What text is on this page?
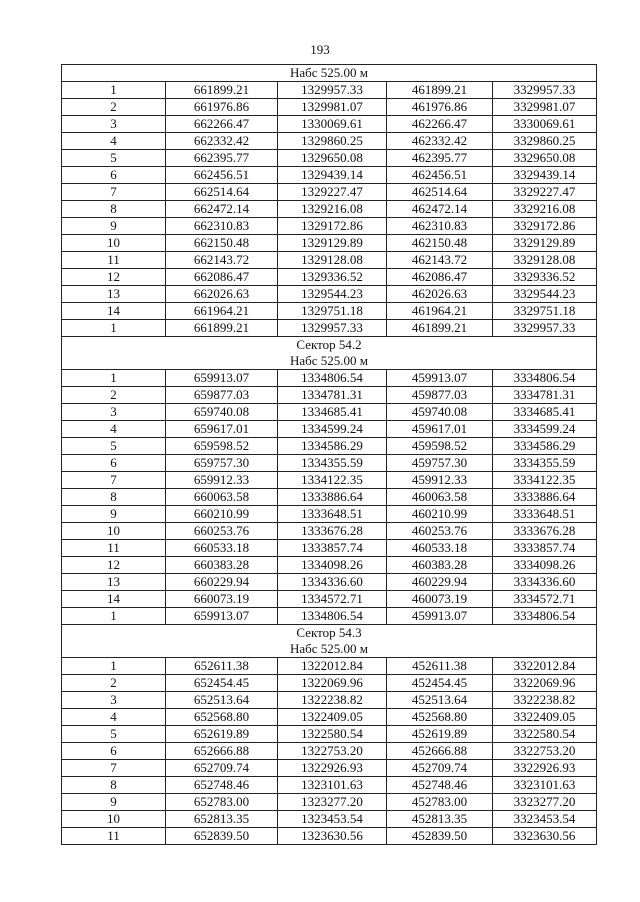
193
Набс 525.00 м				

1	661899.21	1329957.33	461899.21	3329957.33
2	661976.86	1329981.07	461976.86	3329981.07
3	662266.47	1330069.61	462266.47	3330069.61
4	662332.42	1329860.25	462332.42	3329860.25
5	662395.77	1329650.08	462395.77	3329650.08
6	662456.51	1329439.14	462456.51	3329439.14
7	662514.64	1329227.47	462514.64	3329227.47
8	662472.14	1329216.08	462472.14	3329216.08
9	662310.83	1329172.86	462310.83	3329172.86
10	662150.48	1329129.89	462150.48	3329129.89
11	662143.72	1329128.08	462143.72	3329128.08
12	662086.47	1329336.52	462086.47	3329336.52
13	662026.63	1329544.23	462026.63	3329544.23
14	661964.21	1329751.18	461964.21	3329751.18
1	661899.21	1329957.33	461899.21	3329957.33

Сектор 54.2
Набс 525.00 м				

1	659913.07	1334806.54	459913.07	3334806.54
2	659877.03	1334781.31	459877.03	3334781.31
3	659740.08	1334685.41	459740.08	3334685.41
4	659617.01	1334599.24	459617.01	3334599.24
5	659598.52	1334586.29	459598.52	3334586.29
6	659757.30	1334355.59	459757.30	3334355.59
7	659912.33	1334122.35	459912.33	3334122.35
8	660063.58	1333886.64	460063.58	3333886.64
9	660210.99	1333648.51	460210.99	3333648.51
10	660253.76	1333676.28	460253.76	3333676.28
11	660533.18	1333857.74	460533.18	3333857.74
12	660383.28	1334098.26	460383.28	3334098.26
13	660229.94	1334336.60	460229.94	3334336.60
14	660073.19	1334572.71	460073.19	3334572.71
1	659913.07	1334806.54	459913.07	3334806.54

Сектор 54.3
Набс 525.00 м				

1	652611.38	1322012.84	452611.38	3322012.84
2	652454.45	1322069.96	452454.45	3322069.96
3	652513.64	1322238.82	452513.64	3322238.82
4	652568.80	1322409.05	452568.80	3322409.05
5	652619.89	1322580.54	452619.89	3322580.54
6	652666.88	1322753.20	452666.88	3322753.20
7	652709.74	1322926.93	452709.74	3322926.93
8	652748.46	1323101.63	452748.46	3323101.63
9	652783.00	1323277.20	452783.00	3323277.20
10	652813.35	1323453.54	452813.35	3323453.54
11	652839.50	1323630.56	452839.50	3323630.56
